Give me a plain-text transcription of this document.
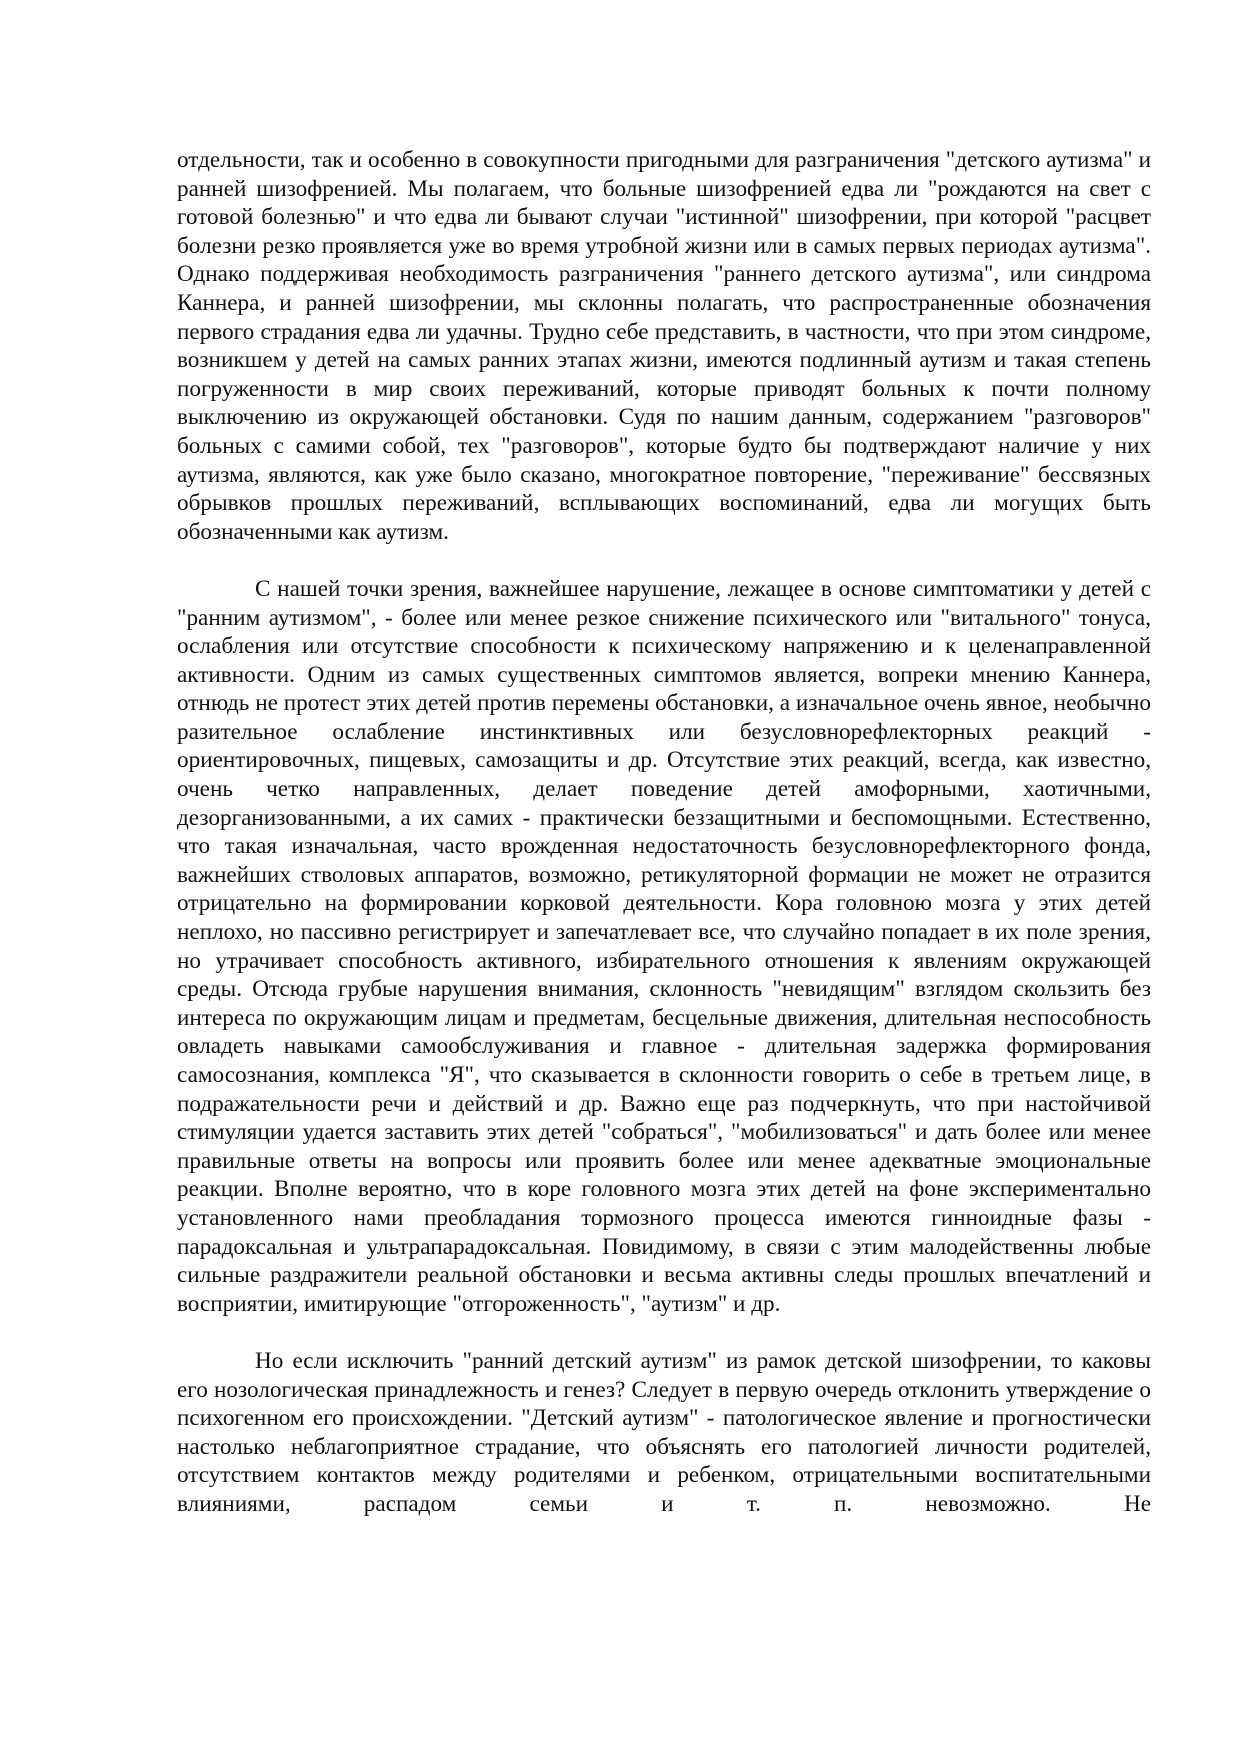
отдельности, так и особенно в совокупности пригодными для разграничения "детского аутизма" и ранней шизофренией. Мы полагаем, что больные шизофренией едва ли "рождаются на свет с готовой болезнью" и что едва ли бывают случаи "истинной" шизофрении, при которой "расцвет болезни резко проявляется уже во время утробной жизни или в самых первых периодах аутизма". Однако поддерживая необходимость разграничения "раннего детского аутизма", или синдрома Каннера, и ранней шизофрении, мы склонны полагать, что распространенные обозначения первого страдания едва ли удачны. Трудно себе представить, в частности, что при этом синдроме, возникшем у детей на самых ранних этапах жизни, имеются подлинный аутизм и такая степень погруженности в мир своих переживаний, которые приводят больных к почти полному выключению из окружающей обстановки. Судя по нашим данным, содержанием "разговоров" больных с самими собой, тех "разговоров", которые будто бы подтверждают наличие у них аутизма, являются, как уже было сказано, многократное повторение, "переживание" бессвязных обрывков прошлых переживаний, всплывающих воспоминаний, едва ли могущих быть обозначенными как аутизм.

С нашей точки зрения, важнейшее нарушение, лежащее в основе симптоматики у детей с "ранним аутизмом", - более или менее резкое снижение психического или "витального" тонуса, ослабления или отсутствие способности к психическому напряжению и к целенаправленной активности. Одним из самых существенных симптомов является, вопреки мнению Каннера, отнюдь не протест этих детей против перемены обстановки, а изначальное очень явное, необычно разительное ослабление инстинктивных или безусловнорефлекторных реакций - ориентировочных, пищевых, самозащиты и др. Отсутствие этих реакций, всегда, как известно, очень четко направленных, делает поведение детей амофорными, хаотичными, дезорганизованными, а их самих - практически беззащитными и беспомощными. Естественно, что такая изначальная, часто врожденная недостаточность безусловнорефлекторного фонда, важнейших стволовых аппаратов, возможно, ретикуляторной формации не может не отразится отрицательно на формировании корковой деятельности. Кора головною мозга у этих детей неплохо, но пассивно регистрирует и запечатлевает все, что случайно попадает в их поле зрения, но утрачивает способность активного, избирательного отношения к явлениям окружающей среды. Отсюда грубые нарушения внимания, склонность "невидящим" взглядом скользить без интереса по окружающим лицам и предметам, бесцельные движения, длительная неспособность овладеть навыками самообслуживания и главное - длительная задержка формирования самосознания, комплекса "Я", что сказывается в склонности говорить о себе в третьем лице, в подражательности речи и действий и др. Важно еще раз подчеркнуть, что при настойчивой стимуляции удается заставить этих детей "собраться", "мобилизоваться" и дать более или менее правильные ответы на вопросы или проявить более или менее адекватные эмоциональные реакции. Вполне вероятно, что в коре головного мозга этих детей на фоне экспериментально установленного нами преобладания тормозного процесса имеются гинноидные фазы - парадоксальная и ультрапарадоксальная. Повидимому, в связи с этим малодейственны любые сильные раздражители реальной обстановки и весьма активны следы прошлых впечатлений и восприятии, имитирующие "отгороженность", "аутизм" и др.

Но если исключить "ранний детский аутизм" из рамок детской шизофрении, то каковы его нозологическая принадлежность и генез? Следует в первую очередь отклонить утверждение о психогенном его происхождении. "Детский аутизм" - патологическое явление и прогностически настолько неблагоприятное страдание, что объяснять его патологией личности родителей, отсутствием контактов между родителями и ребенком, отрицательными воспитательными влияниями, распадом семьи и т. п. невозможно. Не
